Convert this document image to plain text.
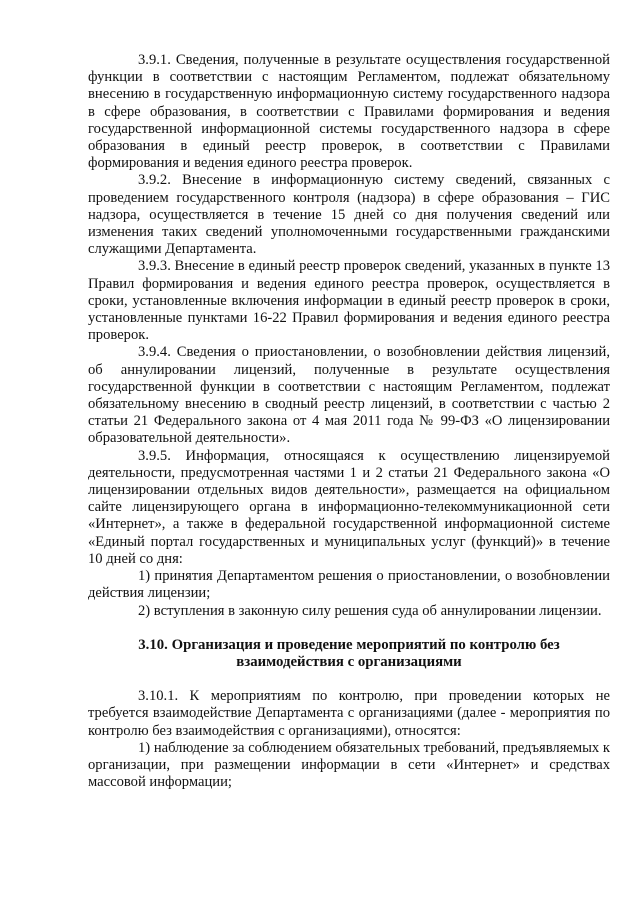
3.9.1. Сведения, полученные в результате осуществления государственной функции в соответствии с настоящим Регламентом, подлежат обязательному внесению в государственную информационную систему государственного надзора в сфере образования, в соответствии с Правилами формирования и ведения государственной информационной системы государственного надзора в сфере образования в единый реестр проверок, в соответствии с Правилами формирования и ведения единого реестра проверок.

3.9.2. Внесение в информационную систему сведений, связанных с проведением государственного контроля (надзора) в сфере образования – ГИС надзора, осуществляется в течение 15 дней со дня получения сведений или изменения таких сведений уполномоченными государственными гражданскими служащими Департамента.

3.9.3. Внесение в единый реестр проверок сведений, указанных в пункте 13 Правил формирования и ведения единого реестра проверок, осуществляется в сроки, установленные включения информации в единый реестр проверок в сроки, установленные пунктами 16-22 Правил формирования и ведения единого реестра проверок.

3.9.4. Сведения о приостановлении, о возобновлении действия лицензий, об аннулировании лицензий, полученные в результате осуществления государственной функции в соответствии с настоящим Регламентом, подлежат обязательному внесению в сводный реестр лицензий, в соответствии с частью 2 статьи 21 Федерального закона от 4 мая 2011 года № 99-ФЗ «О лицензировании образовательной деятельности».

3.9.5. Информация, относящаяся к осуществлению лицензируемой деятельности, предусмотренная частями 1 и 2 статьи 21 Федерального закона «О лицензировании отдельных видов деятельности», размещается на официальном сайте лицензирующего органа в информационно-телекоммуникационной сети «Интернет», а также в федеральной государственной информационной системе «Единый портал государственных и муниципальных услуг (функций)» в течение 10 дней со дня:

1) принятия Департаментом решения о приостановлении, о возобновлении действия лицензии;

2) вступления в законную силу решения суда об аннулировании лицензии.

3.10. Организация и проведение мероприятий по контролю без взаимодействия с организациями

3.10.1. К мероприятиям по контролю, при проведении которых не требуется взаимодействие Департамента с организациями (далее - мероприятия по контролю без взаимодействия с организациями), относятся:

1) наблюдение за соблюдением обязательных требований, предъявляемых к организации, при размещении информации в сети «Интернет» и средствах массовой информации;
